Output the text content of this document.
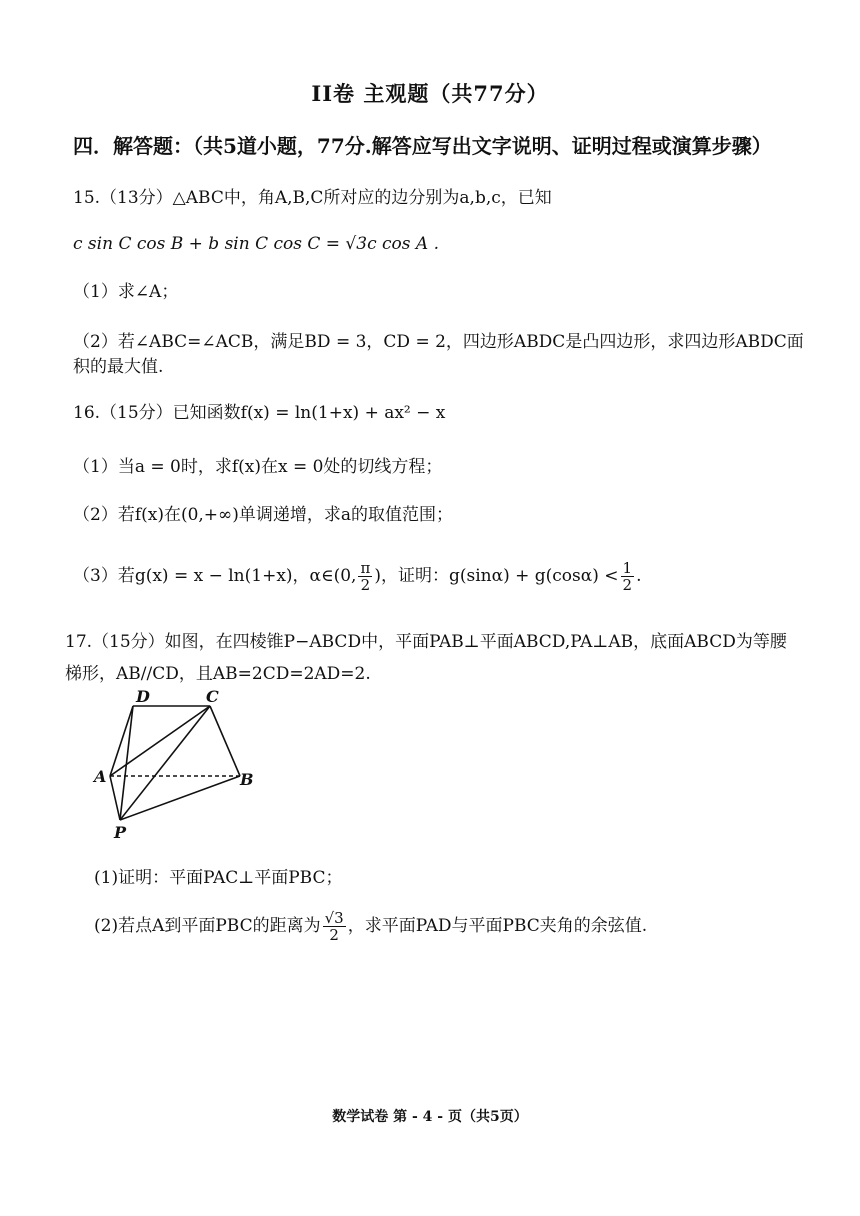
II卷 主观题（共77分）
四．解答题：（共5道小题，77分.解答应写出文字说明、证明过程或演算步骤）
15.（13分）△ABC中，角A,B,C所对应的边分别为a,b,c，已知
c sin C cos B + b sin C cos C = √3c cos A .
（1）求∠A；
（2）若∠ABC=∠ACB，满足BD = 3，CD = 2，四边形ABDC是凸四边形，求四边形ABDC面
积的最大值.
16.（15分）已知函数f(x) = ln(1+x) + ax² − x
（1）当a = 0时，求f(x)在x = 0处的切线方程；
（2）若f(x)在(0,+∞)单调递增，求a的取值范围；
（3）若g(x) = x − ln(1+x)，α∈(0, $\frac{\pi}{2}$ )，证明：$g(\sin\alpha) + g(\cos\alpha) < \frac{1}{2}$ .
17.（15分）如图，在四棱锥P−ABCD中，平面PAB⊥平面ABCD,PA⊥AB，底面ABCD为等腰
梯形，AB//CD，且AB=2CD=2AD=2.
D	C
A	B
P
(1)证明：平面PAC⊥平面PBC；
(2)若点A到平面PBC的距离为 $\frac{√3}{2}$ ，求平面PAD与平面PBC夹角的余弦值.
数学试卷 第 - 4 - 页（共5页）
